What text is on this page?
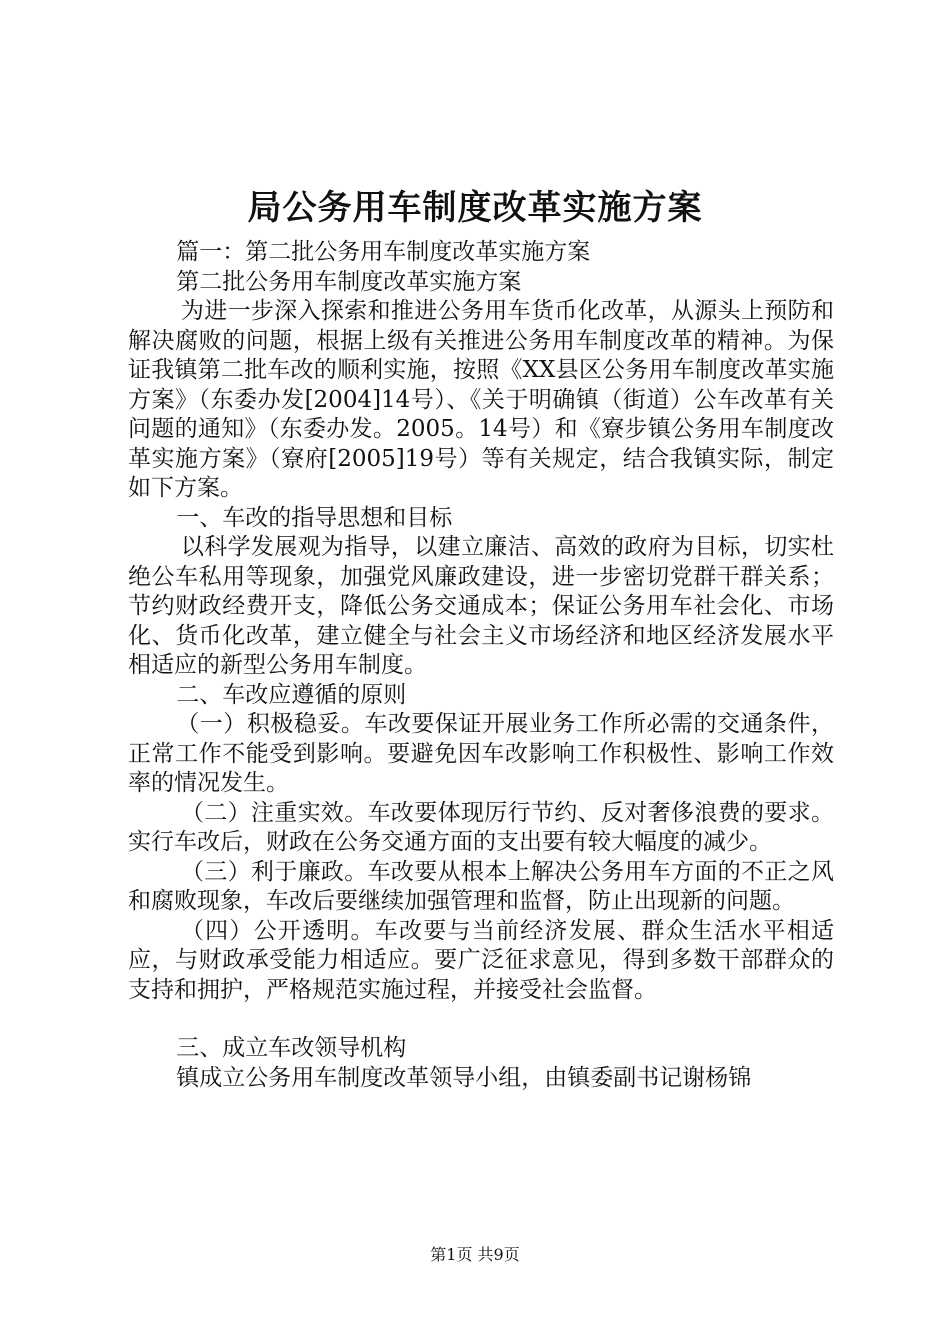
局公务用车制度改革实施方案

篇一：第二批公务用车制度改革实施方案

第二批公务用车制度改革实施方案

为进一步深入探索和推进公务用车货币化改革，从源头上预防和解决腐败的问题，根据上级有关推进公务用车制度改革的精神。为保证我镇第二批车改的顺利实施，按照《XX县区公务用车制度改革实施方案》（东委办发[2004]14号）、《关于明确镇（街道）公车改革有关问题的通知》（东委办发。2005。14号）和《寮步镇公务用车制度改革实施方案》（寮府[2005]19号）等有关规定，结合我镇实际，制定如下方案。

一、车改的指导思想和目标

以科学发展观为指导，以建立廉洁、高效的政府为目标，切实杜绝公车私用等现象，加强党风廉政建设，进一步密切党群干群关系；节约财政经费开支，降低公务交通成本；保证公务用车社会化、市场化、货币化改革，建立健全与社会主义市场经济和地区经济发展水平相适应的新型公务用车制度。

二、车改应遵循的原则

（一）积极稳妥。车改要保证开展业务工作所必需的交通条件，正常工作不能受到影响。要避免因车改影响工作积极性、影响工作效率的情况发生。

（二）注重实效。车改要体现厉行节约、反对奢侈浪费的要求。实行车改后，财政在公务交通方面的支出要有较大幅度的减少。

（三）利于廉政。车改要从根本上解决公务用车方面的不正之风和腐败现象，车改后要继续加强管理和监督，防止出现新的问题。

（四）公开透明。车改要与当前经济发展、群众生活水平相适应，与财政承受能力相适应。要广泛征求意见，得到多数干部群众的支持和拥护，严格规范实施过程，并接受社会监督。

三、成立车改领导机构

镇成立公务用车制度改革领导小组，由镇委副书记谢杨锦

第1页 共9页
